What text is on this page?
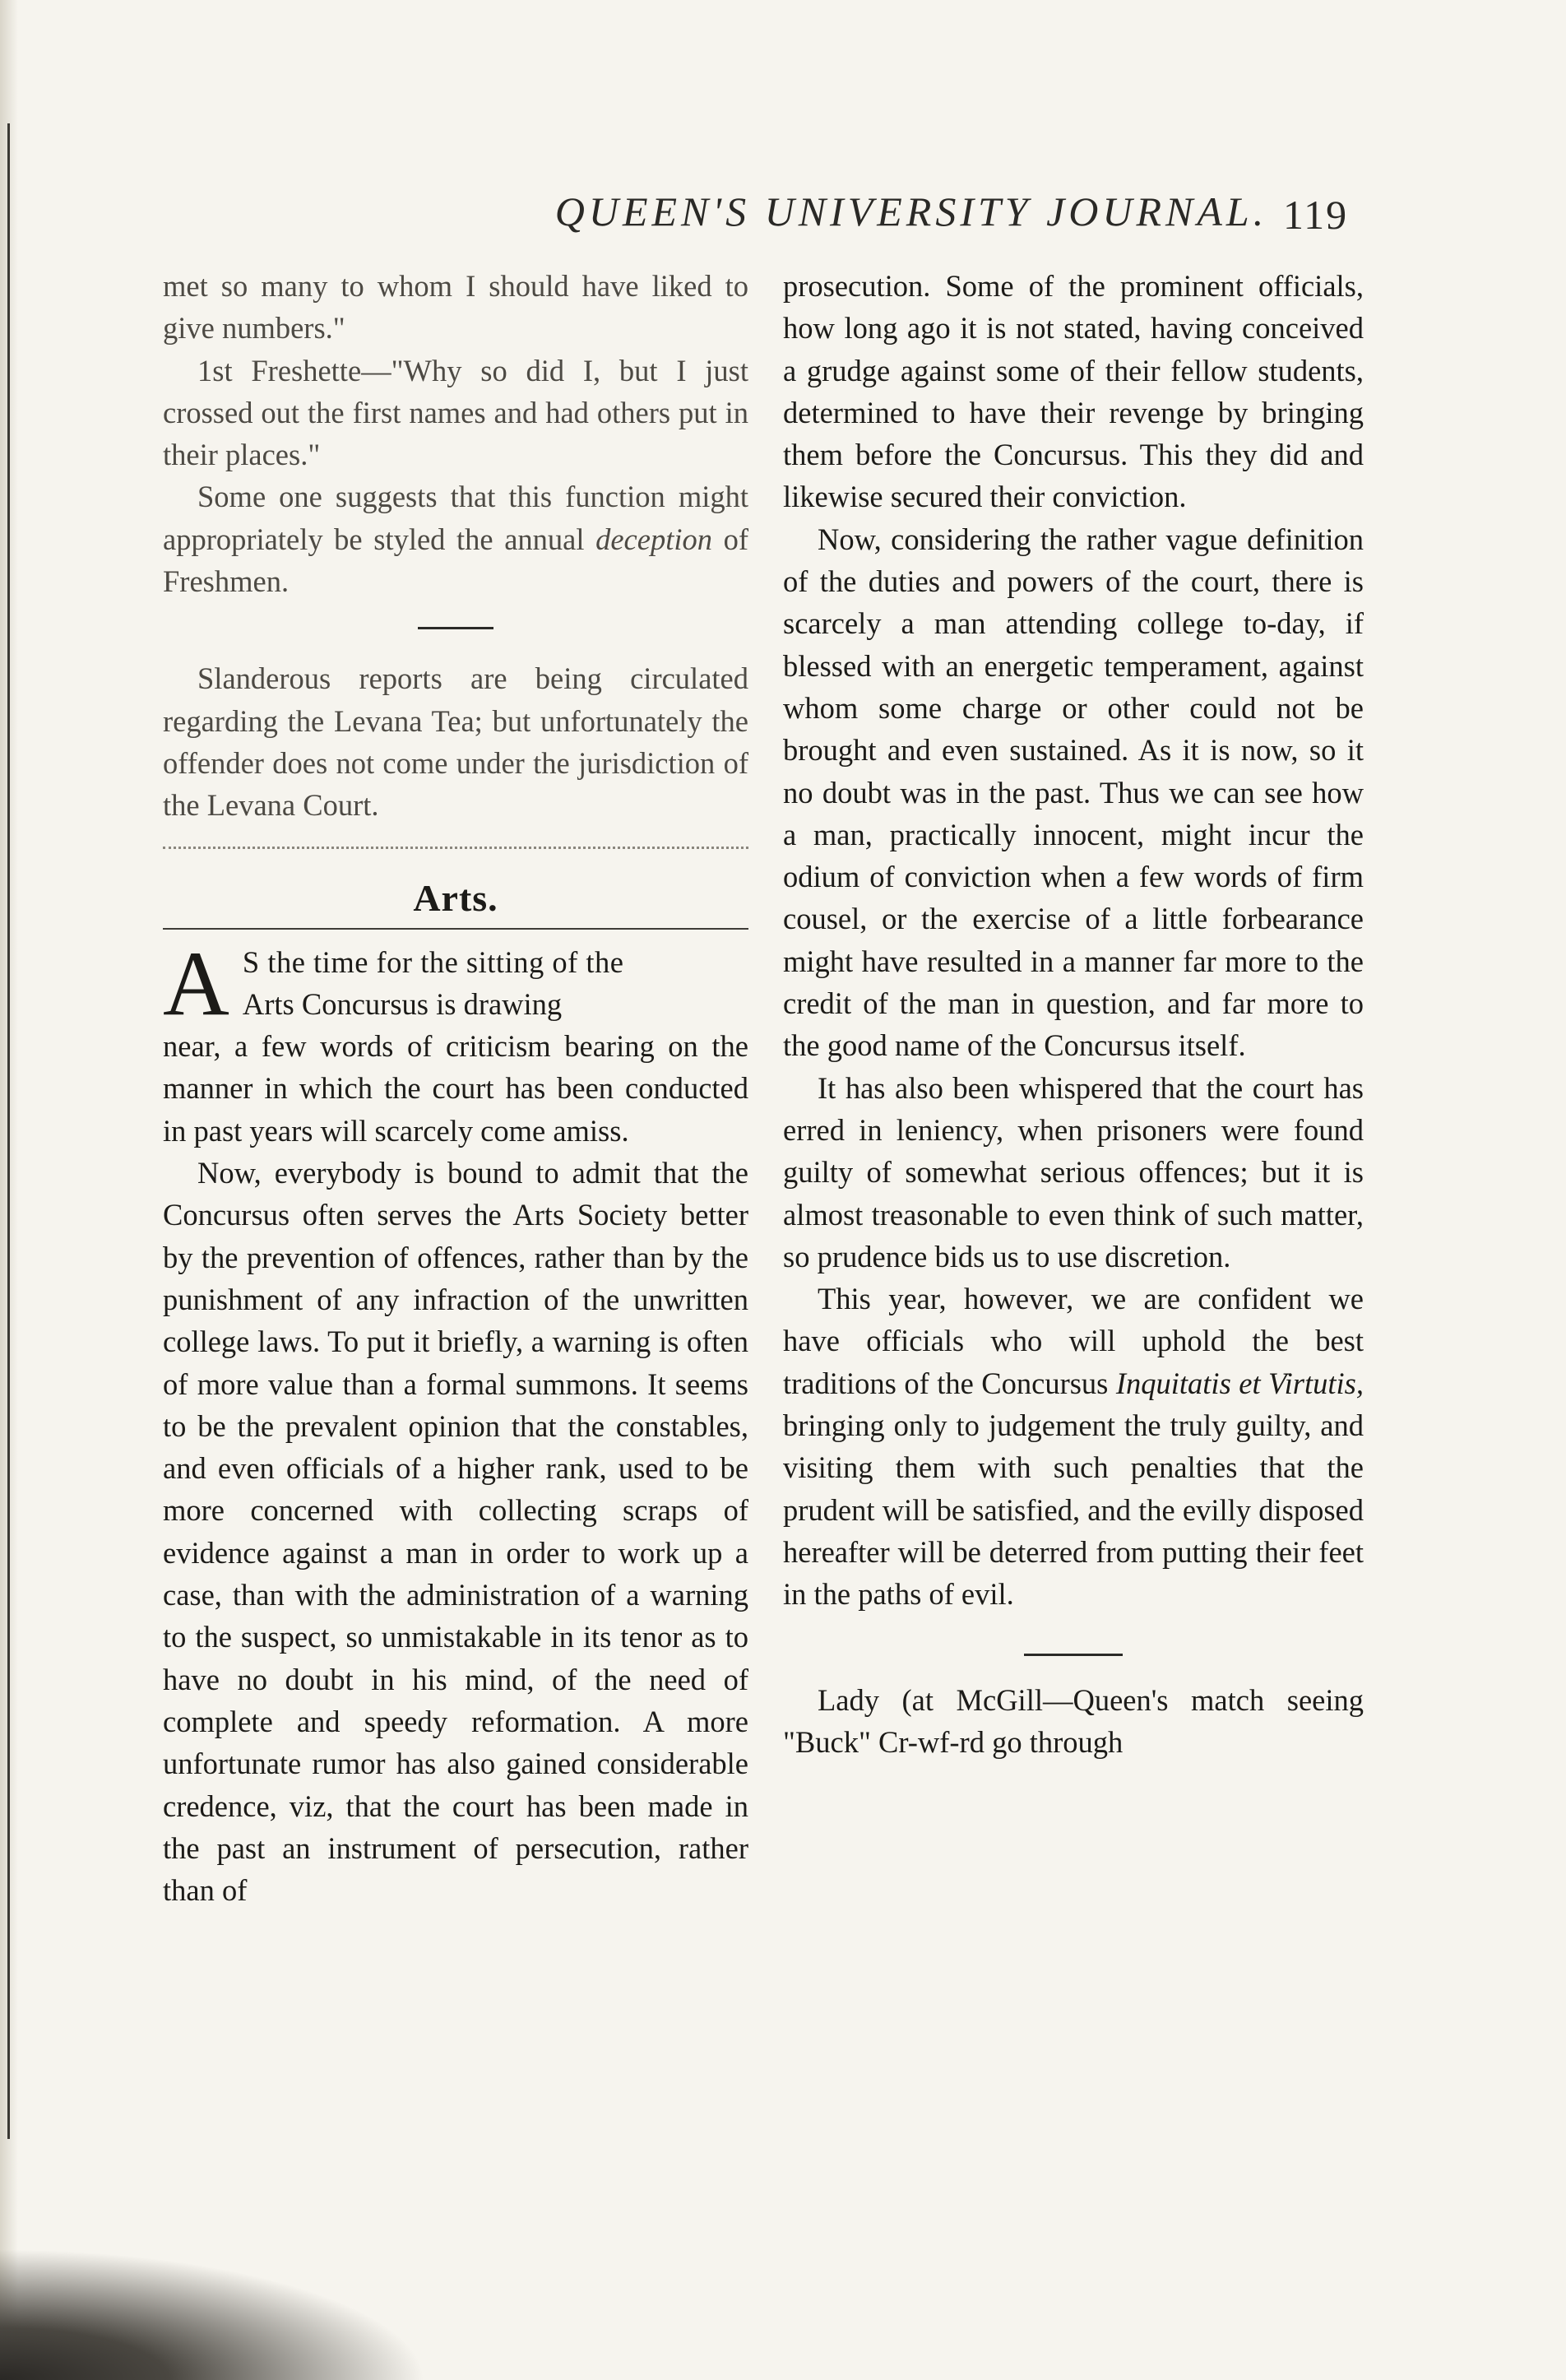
QUEEN'S UNIVERSITY JOURNAL. 119

met so many to whom I should have liked to give numbers."

1st Freshette—"Why so did I, but I just crossed out the first names and had others put in their places."

Some one suggests that this function might appropriately be styled the annual deception of Freshmen.

Slanderous reports are being circulated regarding the Levana Tea; but unfortunately the offender does not come under the jurisdiction of the Levana Court.

Arts.

A S the time for the sitting of the

Arts Concursus is drawing
near, a few words of criticism bearing on the manner in which the court has been conducted in past years will scarcely come amiss.

Now, everybody is bound to admit that the Concursus often serves the Arts Society better by the prevention of offences, rather than by the punishment of any infraction of the unwritten college laws. To put it briefly, a warning is often of more value than a formal summons. It seems to be the prevalent opinion that the constables, and even officials of a higher rank, used to be more concerned with collecting scraps of evidence against a man in order to work up a case, than with the administration of a warning to the suspect, so unmistakable in its tenor as to have no doubt in his mind, of the need of complete and speedy reformation. A more unfortunate rumor has also gained considerable credence, viz, that the court has been made in the past an instrument of persecution, rather than of

prosecution. Some of the prominent officials, how long ago it is not stated, having conceived a grudge against some of their fellow students, determined to have their revenge by bringing them before the Concursus. This they did and likewise secured their conviction.

Now, considering the rather vague definition of the duties and powers of the court, there is scarcely a man attending college to-day, if blessed with an energetic temperament, against whom some charge or other could not be brought and even sustained. As it is now, so it no doubt was in the past. Thus we can see how a man, practically innocent, might incur the odium of conviction when a few words of firm cousel, or the exercise of a little forbearance might have resulted in a manner far more to the credit of the man in question, and far more to the good name of the Concursus itself.

It has also been whispered that the court has erred in leniency, when prisoners were found guilty of somewhat serious offences; but it is almost treasonable to even think of such matter, so prudence bids us to use discretion.

This year, however, we are confident we have officials who will uphold the best traditions of the Concursus Inquitatis et Virtutis, bringing only to judgement the truly guilty, and visiting them with such penalties that the prudent will be satisfied, and the evilly disposed hereafter will be deterred from putting their feet in the paths of evil.

Lady (at McGill—Queen's match seeing "Buck" Cr-wf-rd go through
